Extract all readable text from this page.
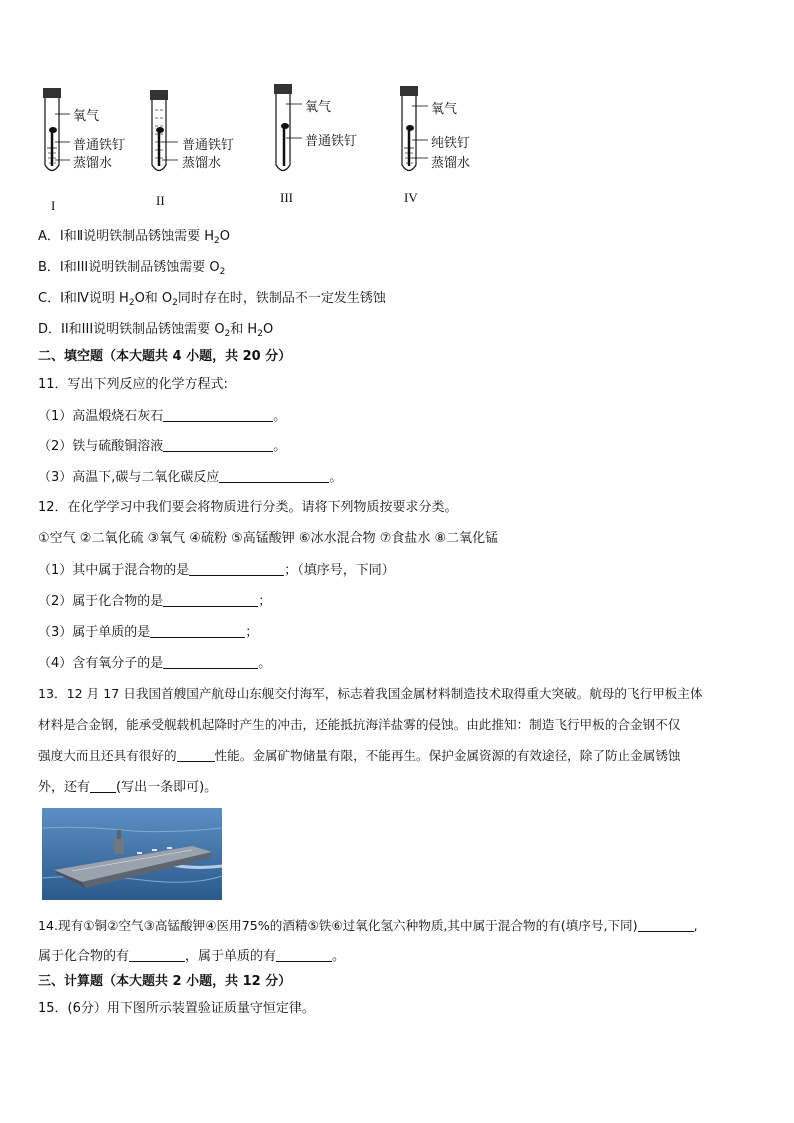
氧气
普通铁钉
蒸馏水
I
普通铁钉
蒸馏水
II
氧气
普通铁钉
III
氧气
纯铁钉
蒸馏水
IV
A．I和Ⅱ说明铁制品锈蚀需要 $H_2O$
B．I和III说明铁制品锈蚀需要 $O_2$
C．I和Ⅳ说明 $H_2O$和 $O_2$同时存在时，铁制品不一定发生锈蚀
D．II和III说明铁制品锈蚀需要 $O_2$和 $H_2O$
二、填空题（本大题共 4 小题，共 20 分）
11．写出下列反应的化学方程式:
（1）高温煅烧石灰石	。
（2）铁与硫酸铜溶液	。
（3）高温下,碳与二氧化碳反应	。
12．在化学学习中我们要会将物质进行分类。请将下列物质按要求分类。
①空气 ②二氧化硫 ③氧气 ④硫粉 ⑤高锰酸钾 ⑥冰水混合物 ⑦食盐水 ⑧二氧化锰
（1）其中属于混合物的是	；（填序号，下同）
（2）属于化合物的是	；
（3）属于单质的是	；
（4）含有氧分子的是	。
13．12 月 17 日我国首艘国产航母山东舰交付海军，标志着我国金属材料制造技术取得重大突破。航母的飞行甲板主体
材料是合金钢，能承受舰载机起降时产生的冲击，还能抵抗海洋盐雾的侵蚀。由此推知：制造飞行甲板的合金钢不仅
强度大而且还具有很好的	性能。金属矿物储量有限，不能再生。保护金属资源的有效途径，除了防止金属锈蚀
外，还有 (写出一条即可)。
14.现有①铜②空气③高锰酸钾④医用75%的酒精⑤铁⑥过氧化氢六种物质,其中属于混合物的有(填序号,下同)	,
属于化合物的有	，属于单质的有	。
三、计算题（本大题共 2 小题，共 12 分）
15．(6分）用下图所示装置验证质量守恒定律。
